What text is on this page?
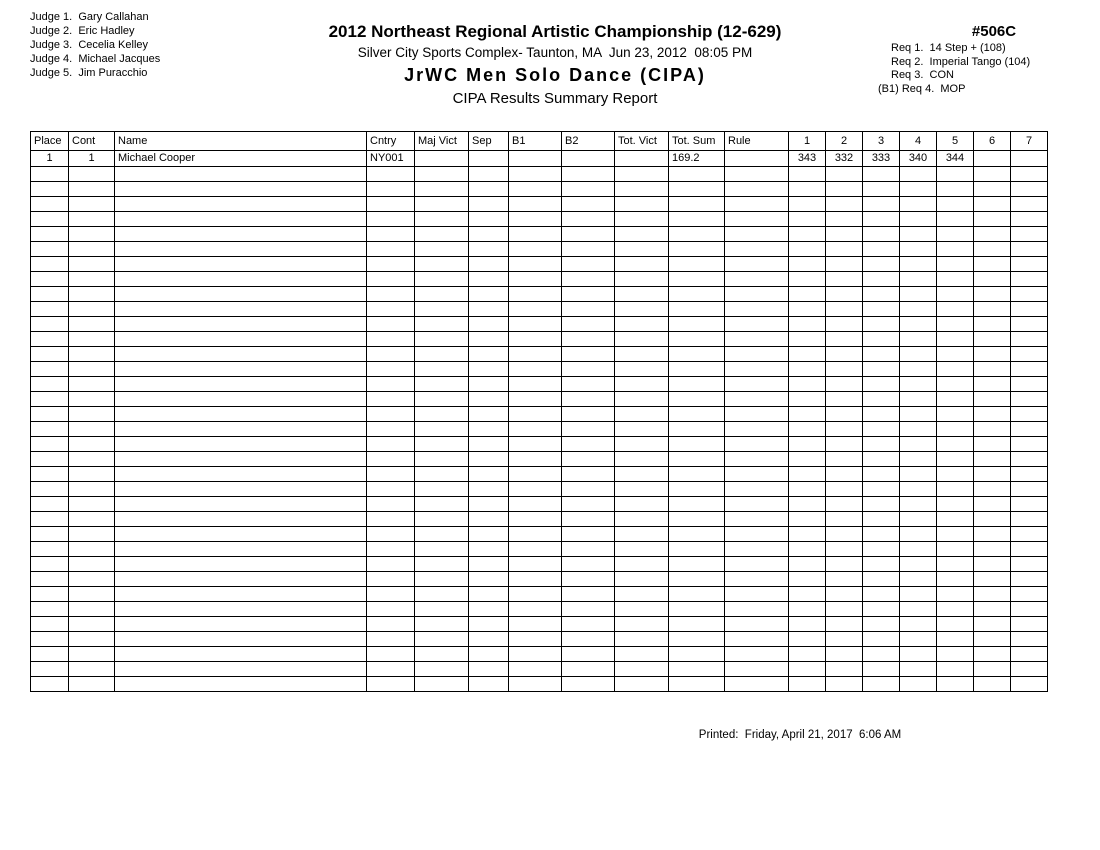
Judge 1.  Gary Callahan
Judge 2.  Eric Hadley
Judge 3.  Cecelia Kelley
Judge 4.  Michael Jacques
Judge 5.  Jim Puracchio
2012 Northeast Regional Artistic Championship (12-629)
Silver City Sports Complex- Taunton, MA  Jun 23, 2012  08:05 PM
JrWC Men Solo Dance (CIPA)
CIPA Results Summary Report
#506C
Req 1.  14 Step + (108)
Req 2.  Imperial Tango (104)
Req 3.  CON
(B1) Req 4.  MOP
Place	Cont	Name	Cntry	Maj Vict	Sep	B1	B2	Tot. Vict	Tot. Sum	Rule	1	2	3	4	5	6	7
1	1	Michael Cooper	NY001						169.2		343	332	333	340	344		

Printed:  Friday, April 21, 2017  6:06 AM
